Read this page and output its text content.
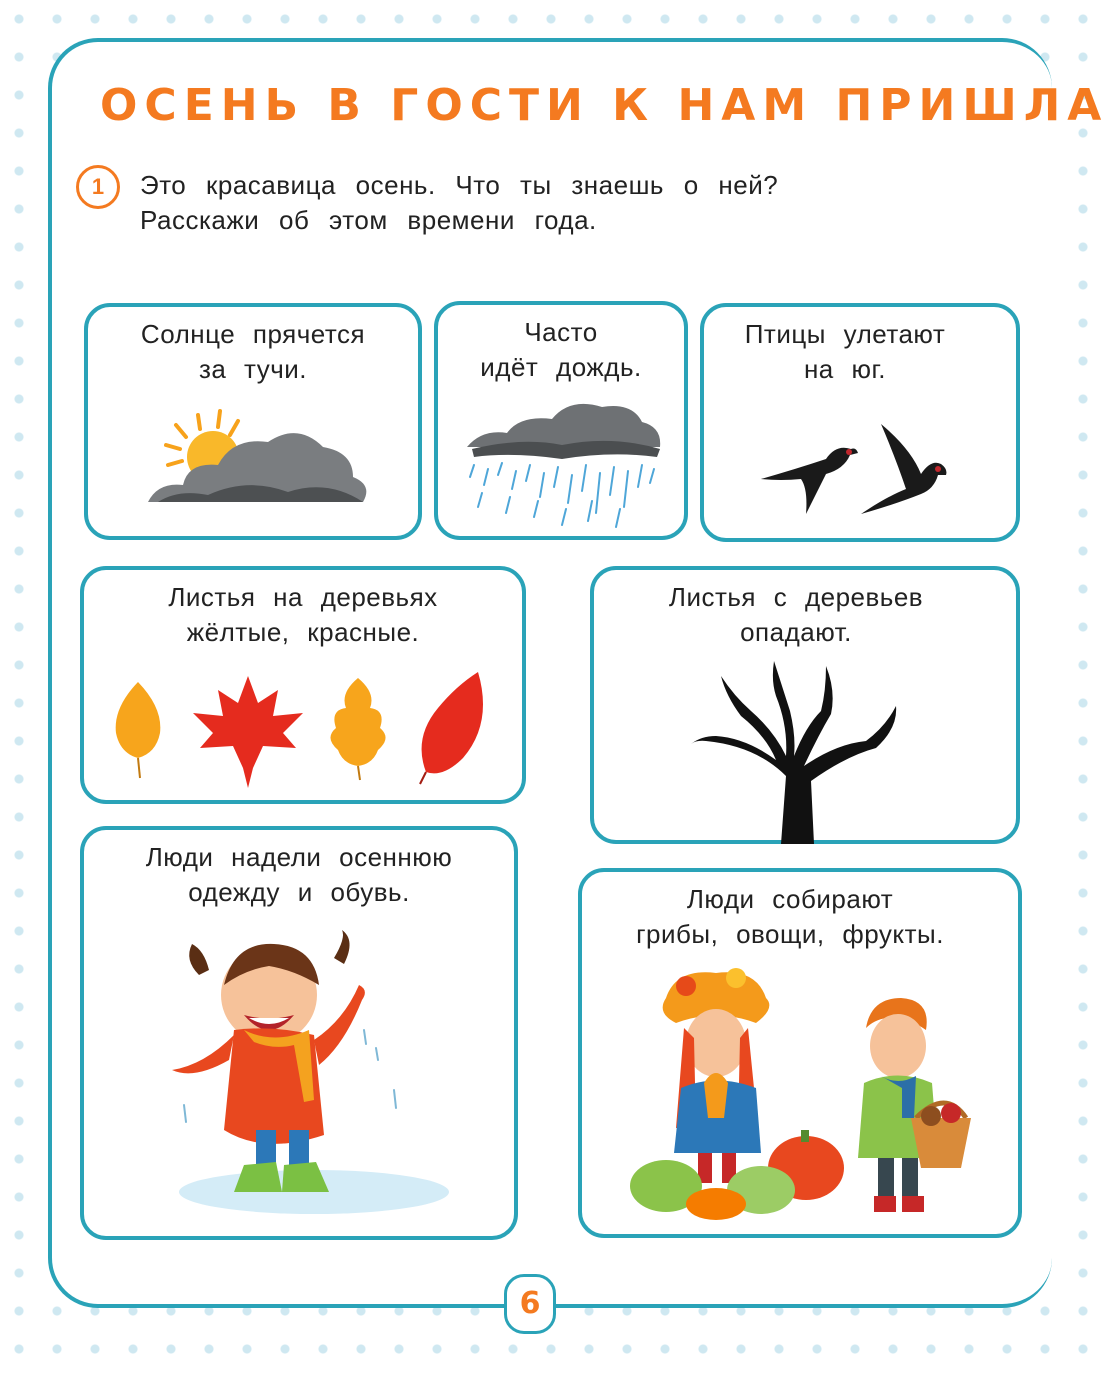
ОСЕНЬ В ГОСТИ К НАМ ПРИШЛА
1	Это красавица осень. Что ты знаешь о ней?
Расскажи об этом времени года.
Солнце прячется
за тучи.
Часто
идёт дождь.
Птицы улетают
на юг.
Листья на деревьях
жёлтые, красные.
Листья с деревьев
опадают.
Люди надели осеннюю
одежду и обувь.	Люди собирают
грибы, овощи, фрукты.
6
